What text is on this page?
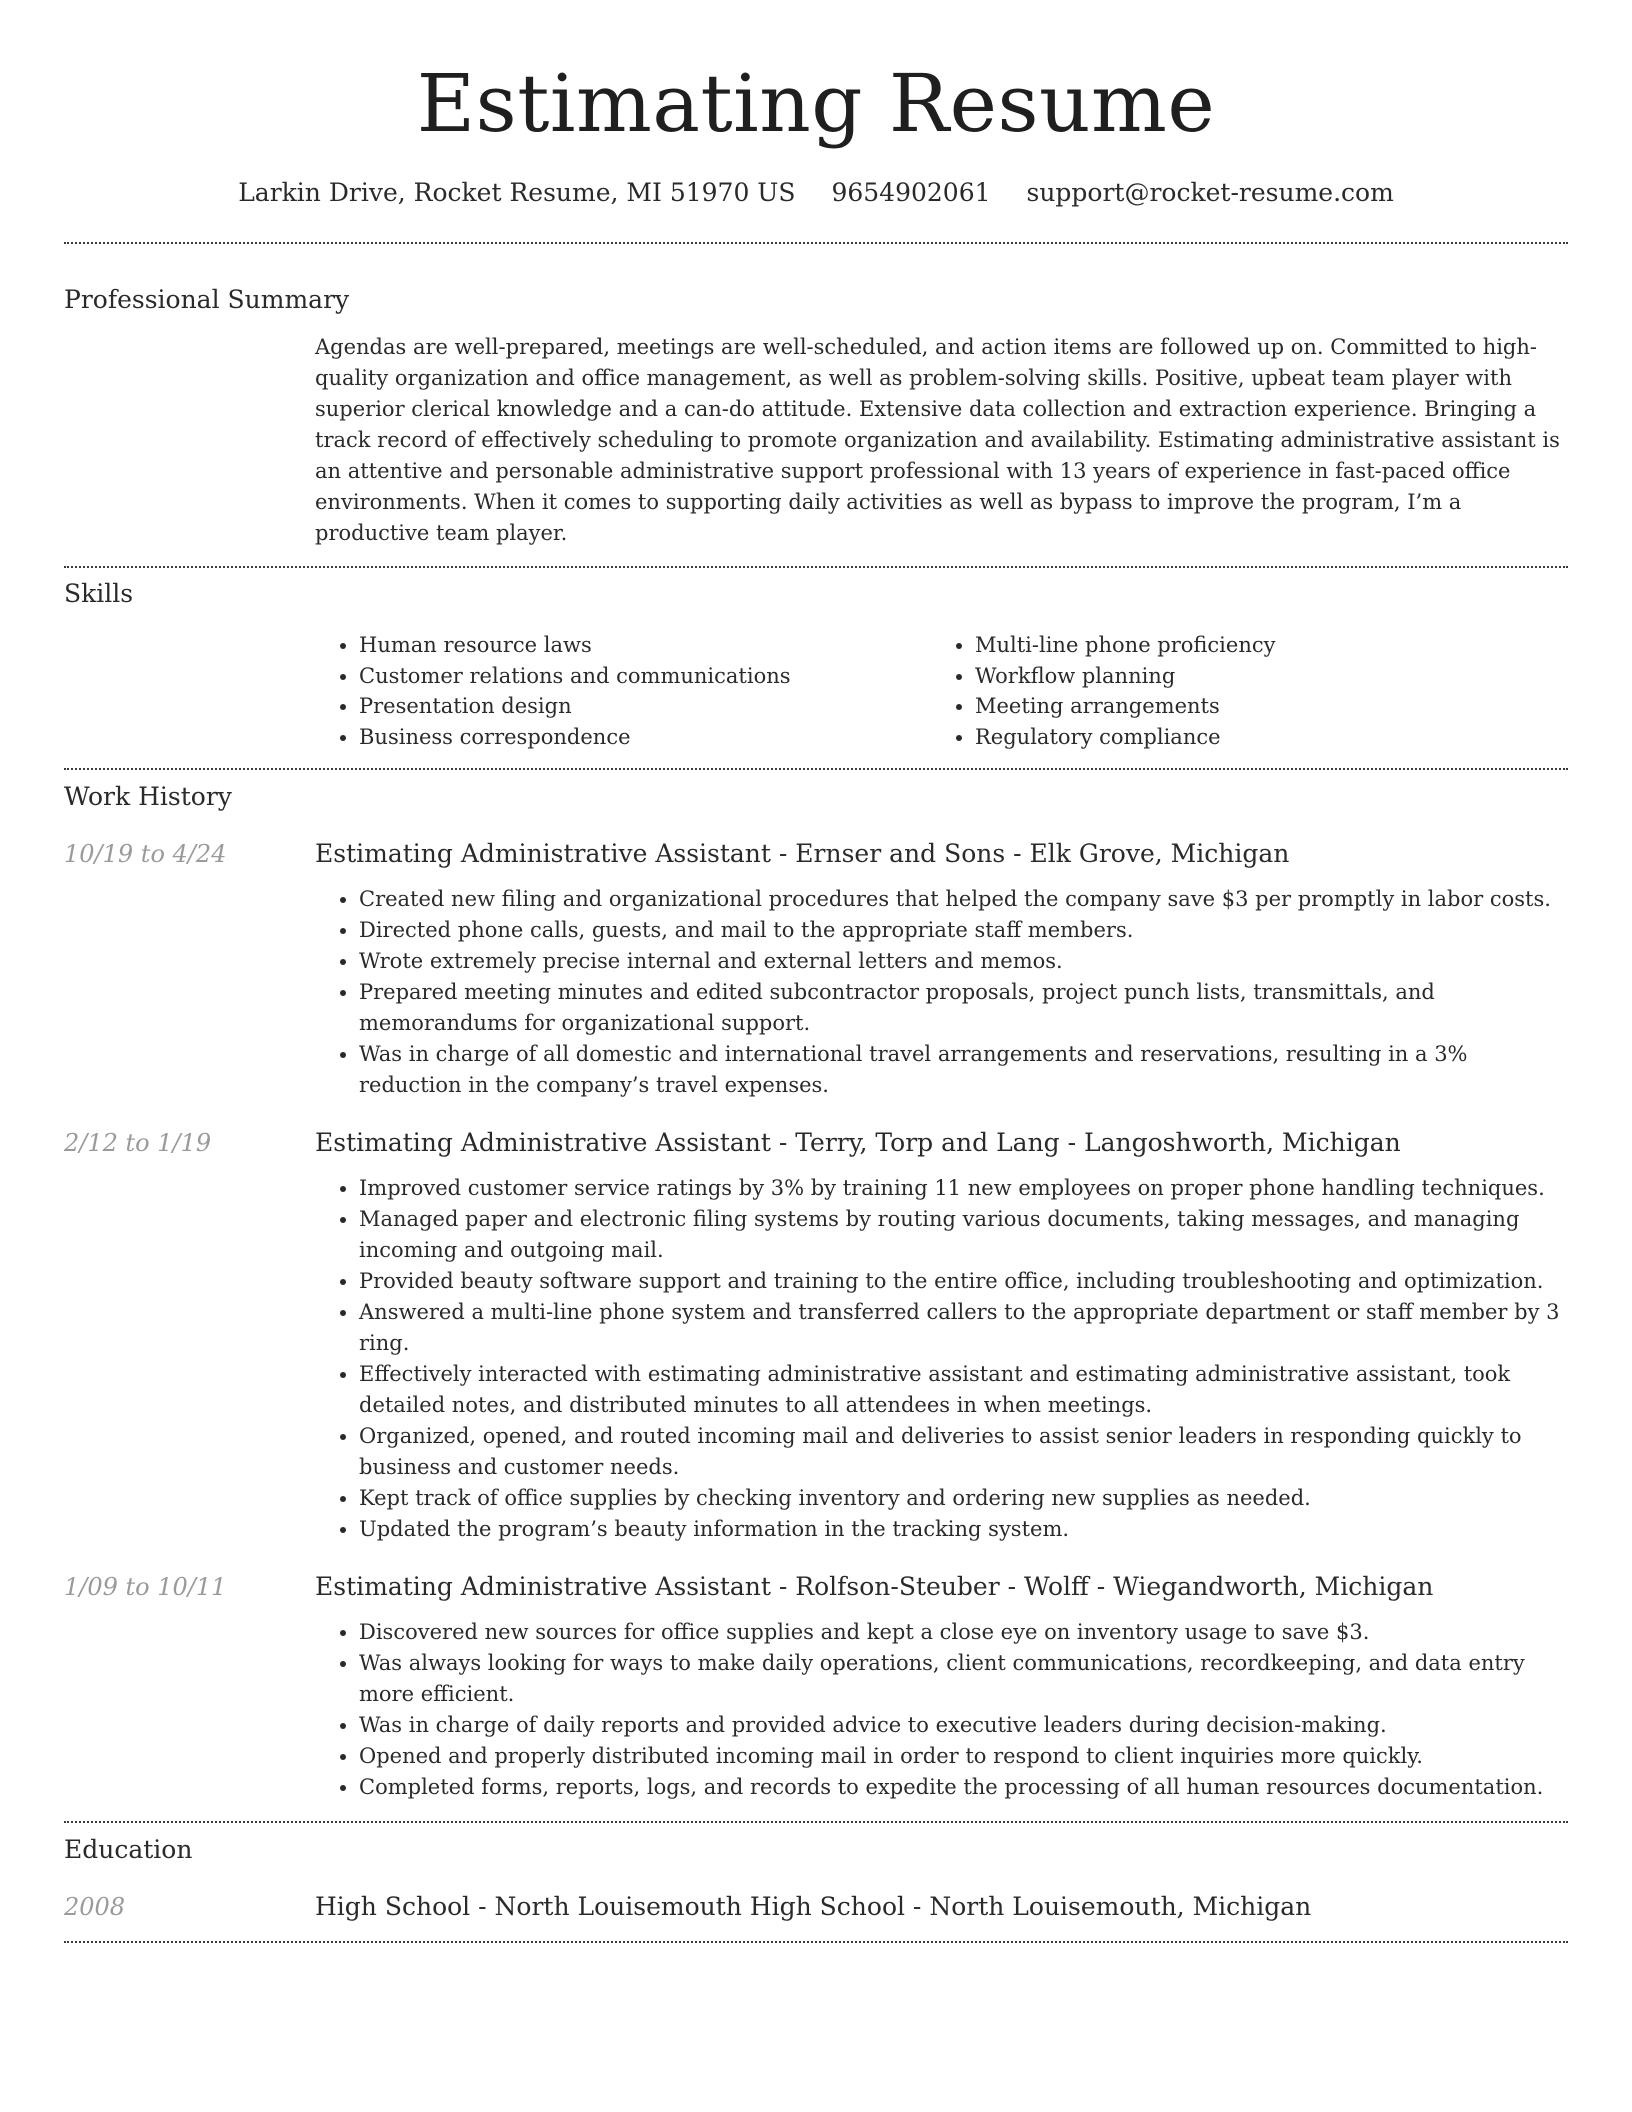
Estimating Resume
Larkin Drive, Rocket Resume, MI 51970 US 9654902061 support@rocket-resume.com
Professional Summary

Agendas are well-prepared, meetings are well-scheduled, and action items are followed up on. Committed to high-quality organization and office management, as well as problem-solving skills. Positive, upbeat team player with superior clerical knowledge and a can-do attitude. Extensive data collection and extraction experience. Bringing a track record of effectively scheduling to promote organization and availability. Estimating administrative assistant is an attentive and personable administrative support professional with 13 years of experience in fast-paced office environments. When it comes to supporting daily activities as well as bypass to improve the program, I’m a productive team player.

Skills
• Human resource laws
• Customer relations and communications
• Presentation design
• Business correspondence
• Multi-line phone proficiency
• Workflow planning
• Meeting arrangements
• Regulatory compliance
Work History
10/19 to 4/24	Estimating Administrative Assistant - Ernser and Sons - Elk Grove, Michigan
• Created new filing and organizational procedures that helped the company save $3 per promptly in labor costs.
• Directed phone calls, guests, and mail to the appropriate staff members.
• Wrote extremely precise internal and external letters and memos.
• Prepared meeting minutes and edited subcontractor proposals, project punch lists, transmittals, and memorandums for organizational support.
• Was in charge of all domestic and international travel arrangements and reservations, resulting in a 3% reduction in the company’s travel expenses.
2/12 to 1/19	Estimating Administrative Assistant - Terry, Torp and Lang - Langoshworth, Michigan
• Improved customer service ratings by 3% by training 11 new employees on proper phone handling techniques.
• Managed paper and electronic filing systems by routing various documents, taking messages, and managing incoming and outgoing mail.
• Provided beauty software support and training to the entire office, including troubleshooting and optimization.
• Answered a multi-line phone system and transferred callers to the appropriate department or staff member by 3 ring.
• Effectively interacted with estimating administrative assistant and estimating administrative assistant, took detailed notes, and distributed minutes to all attendees in when meetings.
• Organized, opened, and routed incoming mail and deliveries to assist senior leaders in responding quickly to business and customer needs.
• Kept track of office supplies by checking inventory and ordering new supplies as needed.
• Updated the program’s beauty information in the tracking system.
1/09 to 10/11	Estimating Administrative Assistant - Rolfson-Steuber - Wolff - Wiegandworth, Michigan
• Discovered new sources for office supplies and kept a close eye on inventory usage to save $3.
• Was always looking for ways to make daily operations, client communications, recordkeeping, and data entry more efficient.
• Was in charge of daily reports and provided advice to executive leaders during decision-making.
• Opened and properly distributed incoming mail in order to respond to client inquiries more quickly.
• Completed forms, reports, logs, and records to expedite the processing of all human resources documentation.
Education
2008	High School - North Louisemouth High School - North Louisemouth, Michigan
